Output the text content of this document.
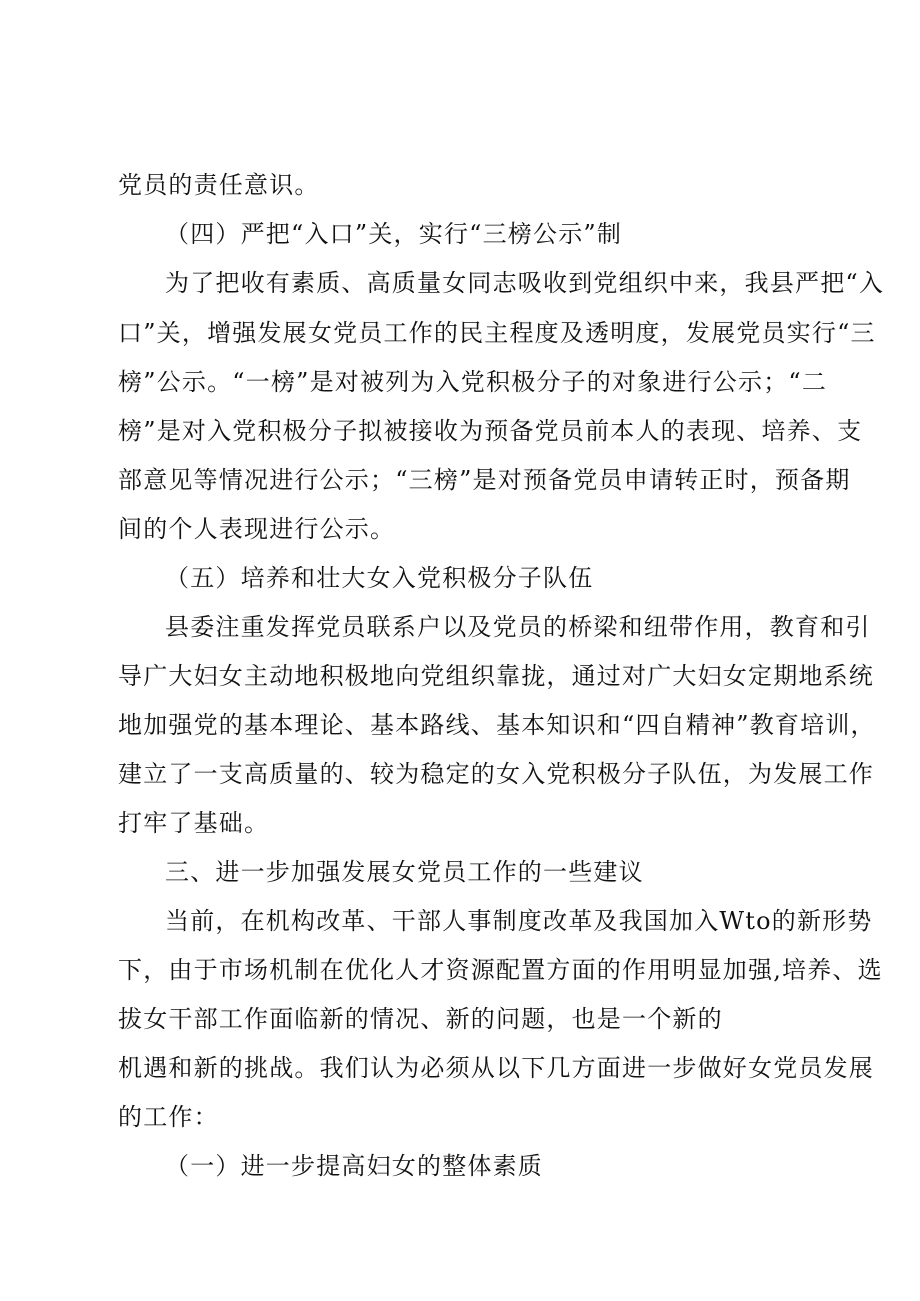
党员的责任意识。
（四）严把“入口”关，实行“三榜公示”制
为了把收有素质、高质量女同志吸收到党组织中来，我县严把“入
口”关，增强发展女党员工作的民主程度及透明度，发展党员实行“三
榜”公示。“一榜”是对被列为入党积极分子的对象进行公示；“二
榜”是对入党积极分子拟被接收为预备党员前本人的表现、培养、支
部意见等情况进行公示；“三榜”是对预备党员申请转正时，预备期
间的个人表现进行公示。
（五）培养和壮大女入党积极分子队伍
县委注重发挥党员联系户以及党员的桥梁和纽带作用，教育和引
导广大妇女主动地积极地向党组织靠拢，通过对广大妇女定期地系统
地加强党的基本理论、基本路线、基本知识和“四自精神”教育培训，
建立了一支高质量的、较为稳定的女入党积极分子队伍，为发展工作
打牢了基础。
三、进一步加强发展女党员工作的一些建议
当前，在机构改革、干部人事制度改革及我国加入Wto的新形势
下，由于市场机制在优化人才资源配置方面的作用明显加强,培养、选
拔女干部工作面临新的情况、新的问题，也是一个新的
机遇和新的挑战。我们认为必须从以下几方面进一步做好女党员发展
的工作：
（一）进一步提高妇女的整体素质
